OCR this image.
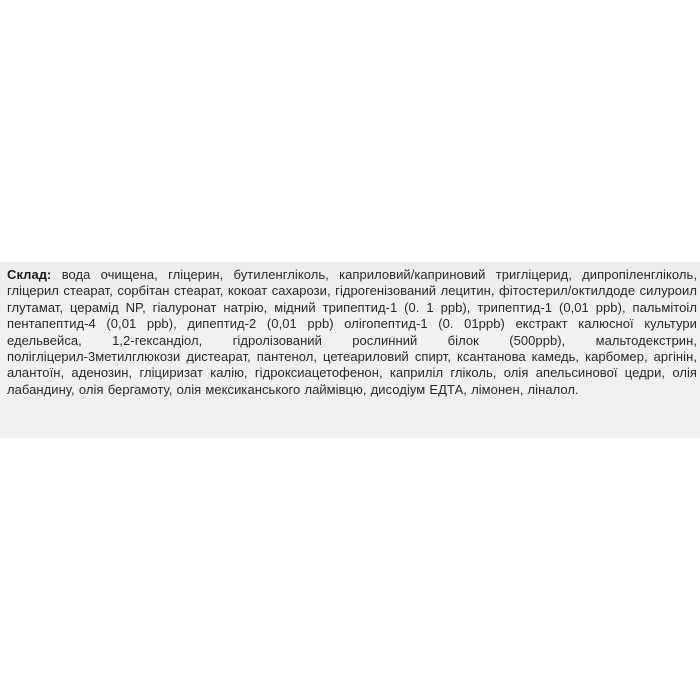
Склад: вода очищена, гліцерин, бутиленгліколь, каприловий/каприновий тригліцерид, дипропіленгліколь, гліцерил стеарат, сорбітан стеарат, кокоат сахарози, гідрогенізований лецитин, фітостерил/октилдоде силуроил глутамат, церамід NP, гіалуронат натрію, мідний трипептид-1 (0. 1 ppb), трипептид-1 (0,01 ppb), пальмітоіл пентапептид-4 (0,01 ppb), дипептид-2 (0,01 ppb) олігопептид-1 (0. 01ppb) екстракт калюсної культури едельвейса, 1,2-гександіол, гідролізований рослинний білок (500ppb), мальтодекстрин, полігліцерил-3метилглюкози дистеарат, пантенол, цетеариловий спирт, ксантанова камедь, карбомер, аргінін, алантоїн, аденозин, гліциризат калію, гідроксиацетофенон, каприліл гліколь, олія апельсинової цедри, олія лабандину, олія бергамоту, олія мексиканського лаймівцю, дисодіум ЕДТА, лімонен, ліналол.
